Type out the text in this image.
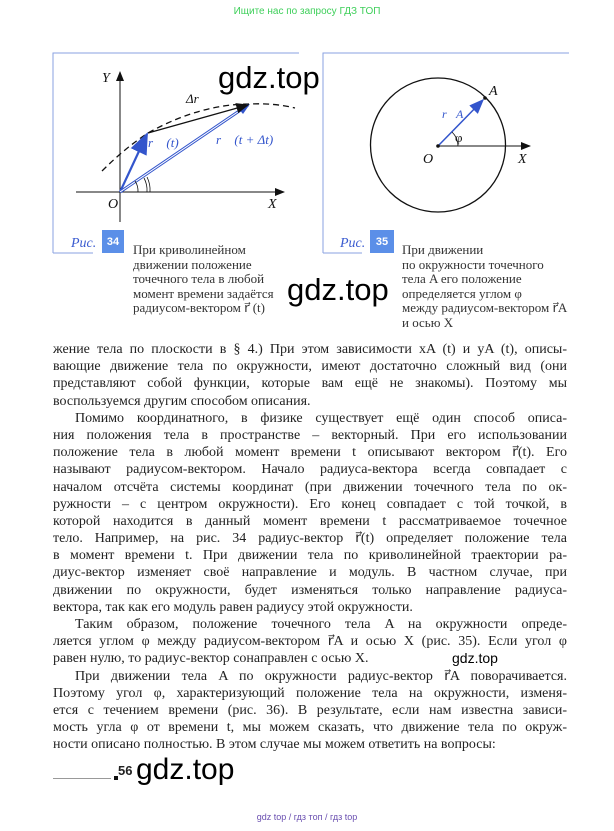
Ищите нас по запросу ГДЗ ТОП
Y
O	X
Δr⃗
r⃗ (t)	r⃗ (t + Δt)
A
r⃗A
φ
O	X
Рис. 34
При криволинейном
движении положение
точечного тела в любой
момент времени задаётся
радиусом-вектором r⃗ (t)
Рис. 35
При движении
по окружности точечного
тела A его положение
определяется углом φ
между радиусом-вектором r⃗A
и осью X
gdz.top
gdz.top
жение тела по плоскости в § 4.) При этом зависимости xA (t) и yA (t), описы-
вающие движение тела по окружности, имеют достаточно сложный вид (они
представляют собой функции, которые вам ещё не знакомы). Поэтому мы
воспользуемся другим способом описания.
Помимо координатного, в физике существует ещё один способ описа-
ния положения тела в пространстве – векторный. При его использовании
положение тела в любой момент времени t описывают вектором r⃗(t). Его
называют радиусом-вектором. Начало радиуса-вектора всегда совпадает с
началом отсчёта системы координат (при движении точечного тела по ок-
ружности – с центром окружности). Его конец совпадает с той точкой, в
которой находится в данный момент времени t рассматриваемое точечное
тело. Например, на рис. 34 радиус-вектор r⃗(t) определяет положение тела
в момент времени t. При движении тела по криволинейной траектории ра-
диус-вектор изменяет своё направление и модуль. В частном случае, при
движении по окружности, будет изменяться только направление радиуса-
вектора, так как его модуль равен радиусу этой окружности.
Таким образом, положение точечного тела A на окружности опреде-
ляется углом φ между радиусом-вектором r⃗A и осью X (рис. 35). Если угол φ
равен нулю, то радиус-вектор сонаправлен с осью X.
При движении тела A по окружности радиус-вектор r⃗A поворачивается.
Поэтому угол φ, характеризующий положение тела на окружности, изменя-
ется с течением времени (рис. 36). В результате, если нам известна зависи-
мость угла φ от времени t, мы можем сказать, что движение тела по окруж-
ности описано полностью. В этом случае мы можем ответить на вопросы:
gdz.top
56 gdz.top
gdz top / гдз топ / гдз top
